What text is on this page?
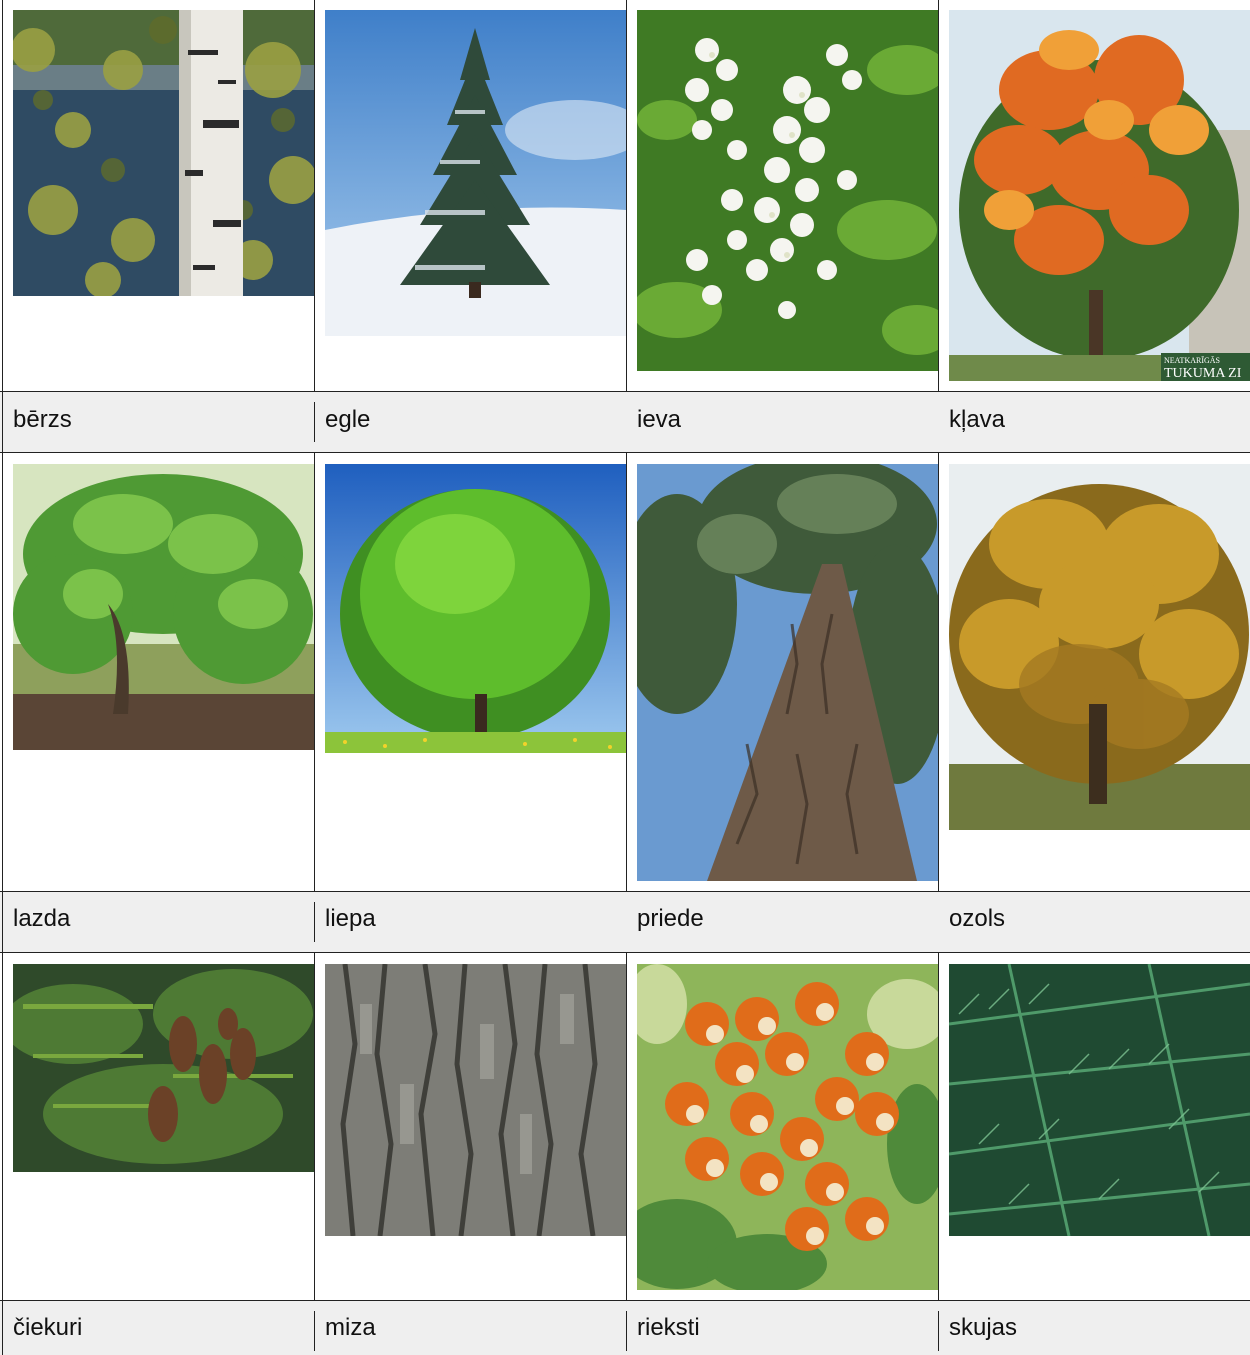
NEATKARĪGĀS
TUKUMA ZI
bērzs	egle	ieva	kļava
lazda	liepa	priede	ozols
čiekuri	miza	rieksti	skujas
